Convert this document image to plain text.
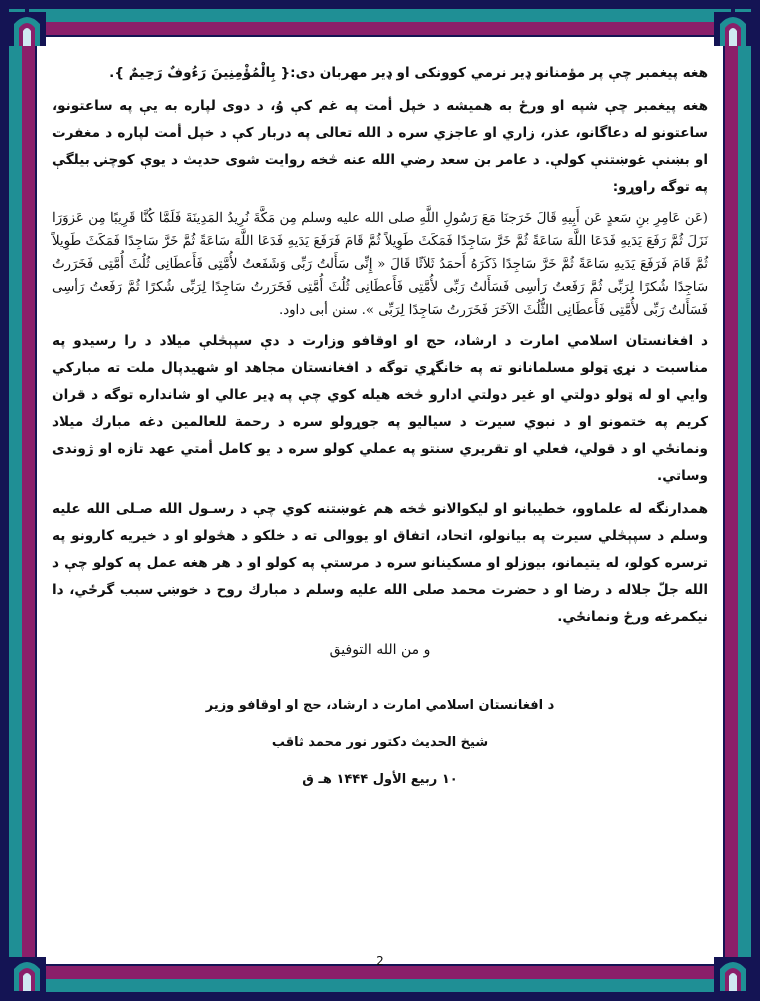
هغه پيغمبر چې پر مؤمنانو ډير نرمي كوونكى او ډير مهربان دى:{ بِالْمُؤْمِنِينَ رَءُوفٌ رَحِيمٌ }.

هغه پيغمبر چې شپه او ورځ به هميشه د خپل أمت په غم كې وُ، د دوی لپاره به يې په ساعتونو، ساعتونو له دعاگانو، عذر، زاري او عاجزي سره د الله تعالى په دربار كې د خپل أمت لپاره د مغفرت او بښنې غوښتنې كولې. د عامر بن سعد رضي الله عنه څخه روايت شوى حديث د يوې كوچنۍ بيلگې په توگه راوړو:

(عَن عَامِرِ بنِ سَعدٍ عَن أَبِيهِ قَالَ خَرَجنَا مَعَ رَسُولِ اللَّهِ صلى الله عليه وسلم مِن مَكَّةَ نُرِيدُ المَدِينَةَ فَلَمَّا كُنَّا قَرِيبًا مِن عَزوَرَا نَزَلَ ثُمَّ رَفَعَ يَدَيهِ فَدَعَا اللَّهَ سَاعَةً ثُمَّ خَرَّ سَاجِدًا فَمَكَثَ طَوِيلاً ثُمَّ قَامَ فَرَفَعَ يَدَيهِ فَدَعَا اللَّهَ سَاعَةً ثُمَّ خَرَّ سَاجِدًا فَمَكَثَ طَوِيلاً ثُمَّ قَامَ فَرَفَعَ يَدَيهِ سَاعَةً ثُمَّ خَرَّ سَاجِدًا ذَكَرَهُ أَحمَدُ ثَلاَثًا قَالَ « إِنِّى سَأَلتُ رَبِّى وَشَفَعتُ لأُمَّتِى فَأَعطَانِى ثُلُثَ أُمَّتِى فَخَرَرتُ سَاجِدًا شُكرًا لِرَبِّى ثُمَّ رَفَعتُ رَأسِى فَسَأَلتُ رَبِّى لأُمَّتِى فَأَعطَانِى ثُلُثَ أُمَّتِى فَخَرَرتُ سَاجِدًا لِرَبِّى شُكرًا ثُمَّ رَفَعتُ رَأسِى فَسَأَلتُ رَبِّى لأُمَّتِى فَأَعطَانِى الثُّلُثَ الآخَرَ فَخَرَرتُ سَاجِدًا لِرَبِّى ». سنن أبى داود.

د افغانستان اسلامي امارت د ارشاد، حج او اوقافو وزارت د دې سپېڅلې ميلاد د را رسيدو په مناسبت د نړۍ ټولو مسلمانانو ته په خانگړي توگه د افغانستان مجاهد او شهيدپال ملت ته مباركي وايي او له ټولو دولتي او غير دولتي ادارو څخه هيله كوي چې په ډير عالي او شانداره توگه د قران كريم په ختمونو او د نبوي سيرت د سيالیو په جوړولو سره د رحمة للعالمين دغه مبارك ميلاد ونمانځي او د قولي، فعلي او تقريري سنتو په عملي كولو سره د يو كامل أمتي عهد تازه او ژوندى وساتي.

همدارنگه له علماوو، خطيبانو او ليكوالانو څخه هم غوښتنه كوي چې د رسـول الله صـلى الله عليه وسلم د سپېڅلي سيرت په بيانولو، اتحاد، اتفاق او يووالى ته د خلكو د هڅولو او د خيريه كارونو په ترسره كولو، له يتيمانو، بيوزلو او مسكينانو سره د مرستې په كولو او د هر هغه عمل په كولو چې د الله جلّ جلاله د رضا او د حضرت محمد صلى الله عليه وسلم د مبارك روح د خوښۍ سبب گرځي، دا نيكمرغه ورځ ونمانځي.

و من الله التوفيق

د افغانستان اسلامي امارت د ارشاد، حج او اوقافو وزير

شيخ الحديث دكتور نور محمد ثاقب

۱۰ ربيع الأول ۱۴۴۴ هـ ق

2
